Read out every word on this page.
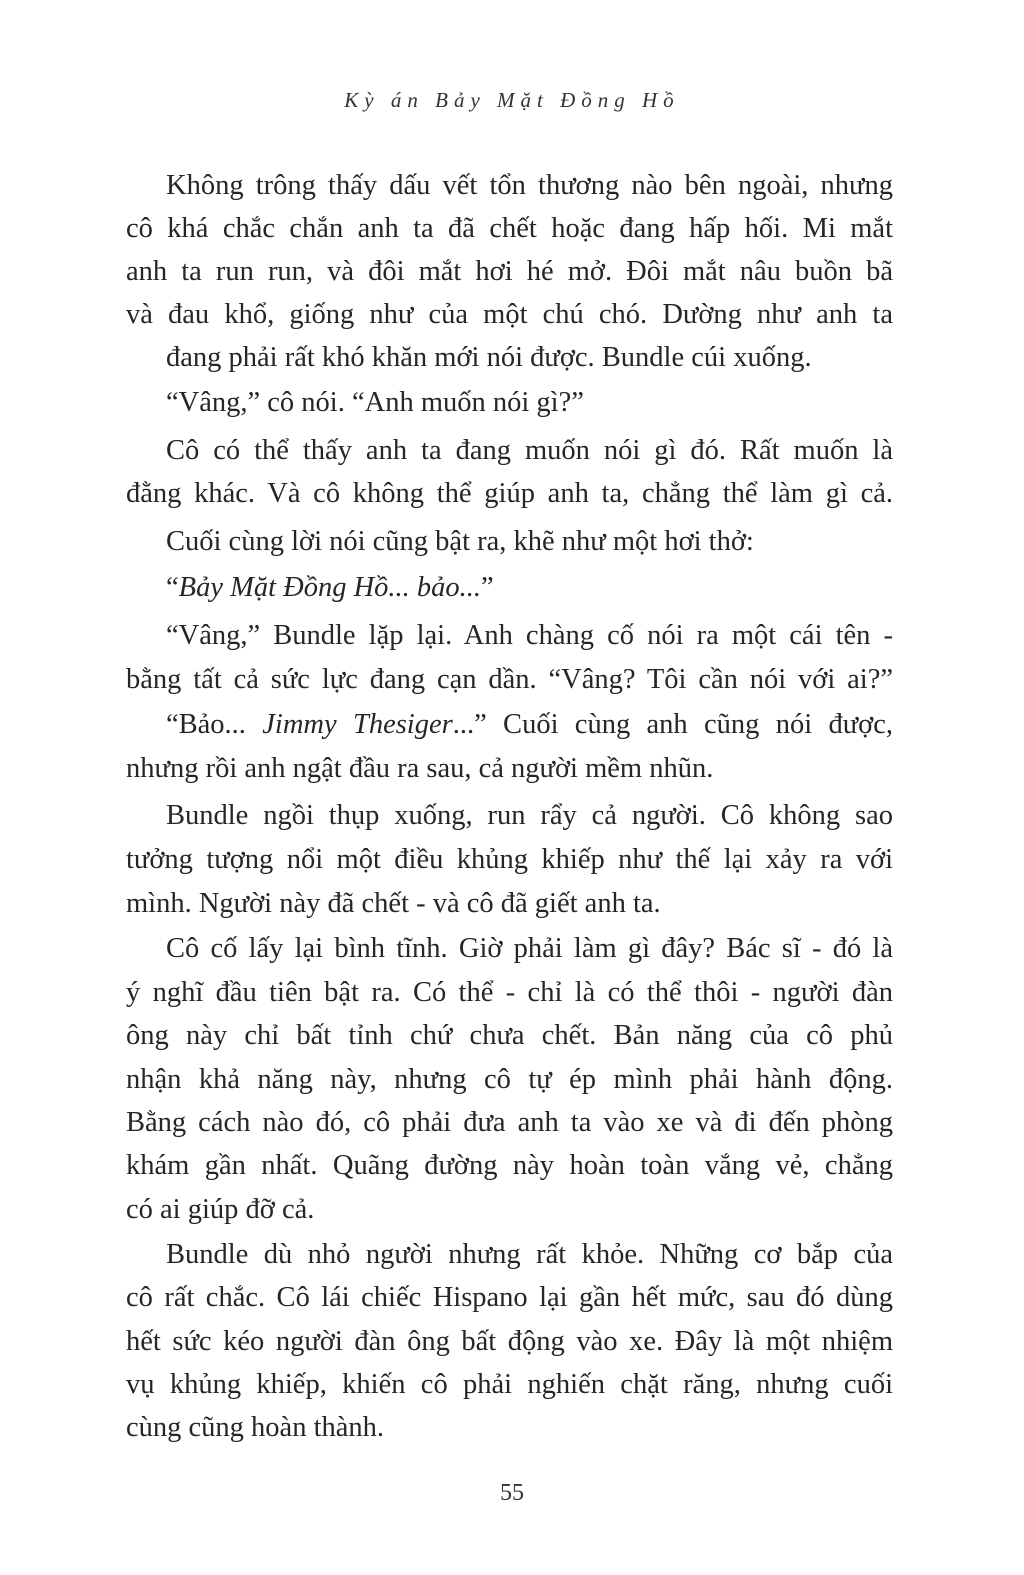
Kỳ án Bảy Mặt Đồng Hồ
Không trông thấy dấu vết tổn thương nào bên ngoài, nhưng
cô khá chắc chắn anh ta đã chết hoặc đang hấp hối. Mi mắt
anh ta run run, và đôi mắt hơi hé mở. Đôi mắt nâu buồn bã
và đau khổ, giống như của một chú chó. Dường như anh ta
đang phải rất khó khăn mới nói được. Bundle cúi xuống.
“Vâng,” cô nói. “Anh muốn nói gì?”
Cô có thể thấy anh ta đang muốn nói gì đó. Rất muốn là
đằng khác. Và cô không thể giúp anh ta, chẳng thể làm gì cả.
Cuối cùng lời nói cũng bật ra, khẽ như một hơi thở:
“Bảy Mặt Đồng Hồ... bảo...”
“Vâng,” Bundle lặp lại. Anh chàng cố nói ra một cái tên -
bằng tất cả sức lực đang cạn dần. “Vâng? Tôi cần nói với ai?”
“Bảo... Jimmy Thesiger...” Cuối cùng anh cũng nói được,
nhưng rồi anh ngật đầu ra sau, cả người mềm nhũn.
Bundle ngồi thụp xuống, run rẩy cả người. Cô không sao
tưởng tượng nổi một điều khủng khiếp như thế lại xảy ra với
mình. Người này đã chết - và cô đã giết anh ta.
Cô cố lấy lại bình tĩnh. Giờ phải làm gì đây? Bác sĩ - đó là
ý nghĩ đầu tiên bật ra. Có thể - chỉ là có thể thôi - người đàn
ông này chỉ bất tỉnh chứ chưa chết. Bản năng của cô phủ
nhận khả năng này, nhưng cô tự ép mình phải hành động.
Bằng cách nào đó, cô phải đưa anh ta vào xe và đi đến phòng
khám gần nhất. Quãng đường này hoàn toàn vắng vẻ, chẳng
có ai giúp đỡ cả.
Bundle dù nhỏ người nhưng rất khỏe. Những cơ bắp của
cô rất chắc. Cô lái chiếc Hispano lại gần hết mức, sau đó dùng
hết sức kéo người đàn ông bất động vào xe. Đây là một nhiệm
vụ khủng khiếp, khiến cô phải nghiến chặt răng, nhưng cuối
cùng cũng hoàn thành.
55
